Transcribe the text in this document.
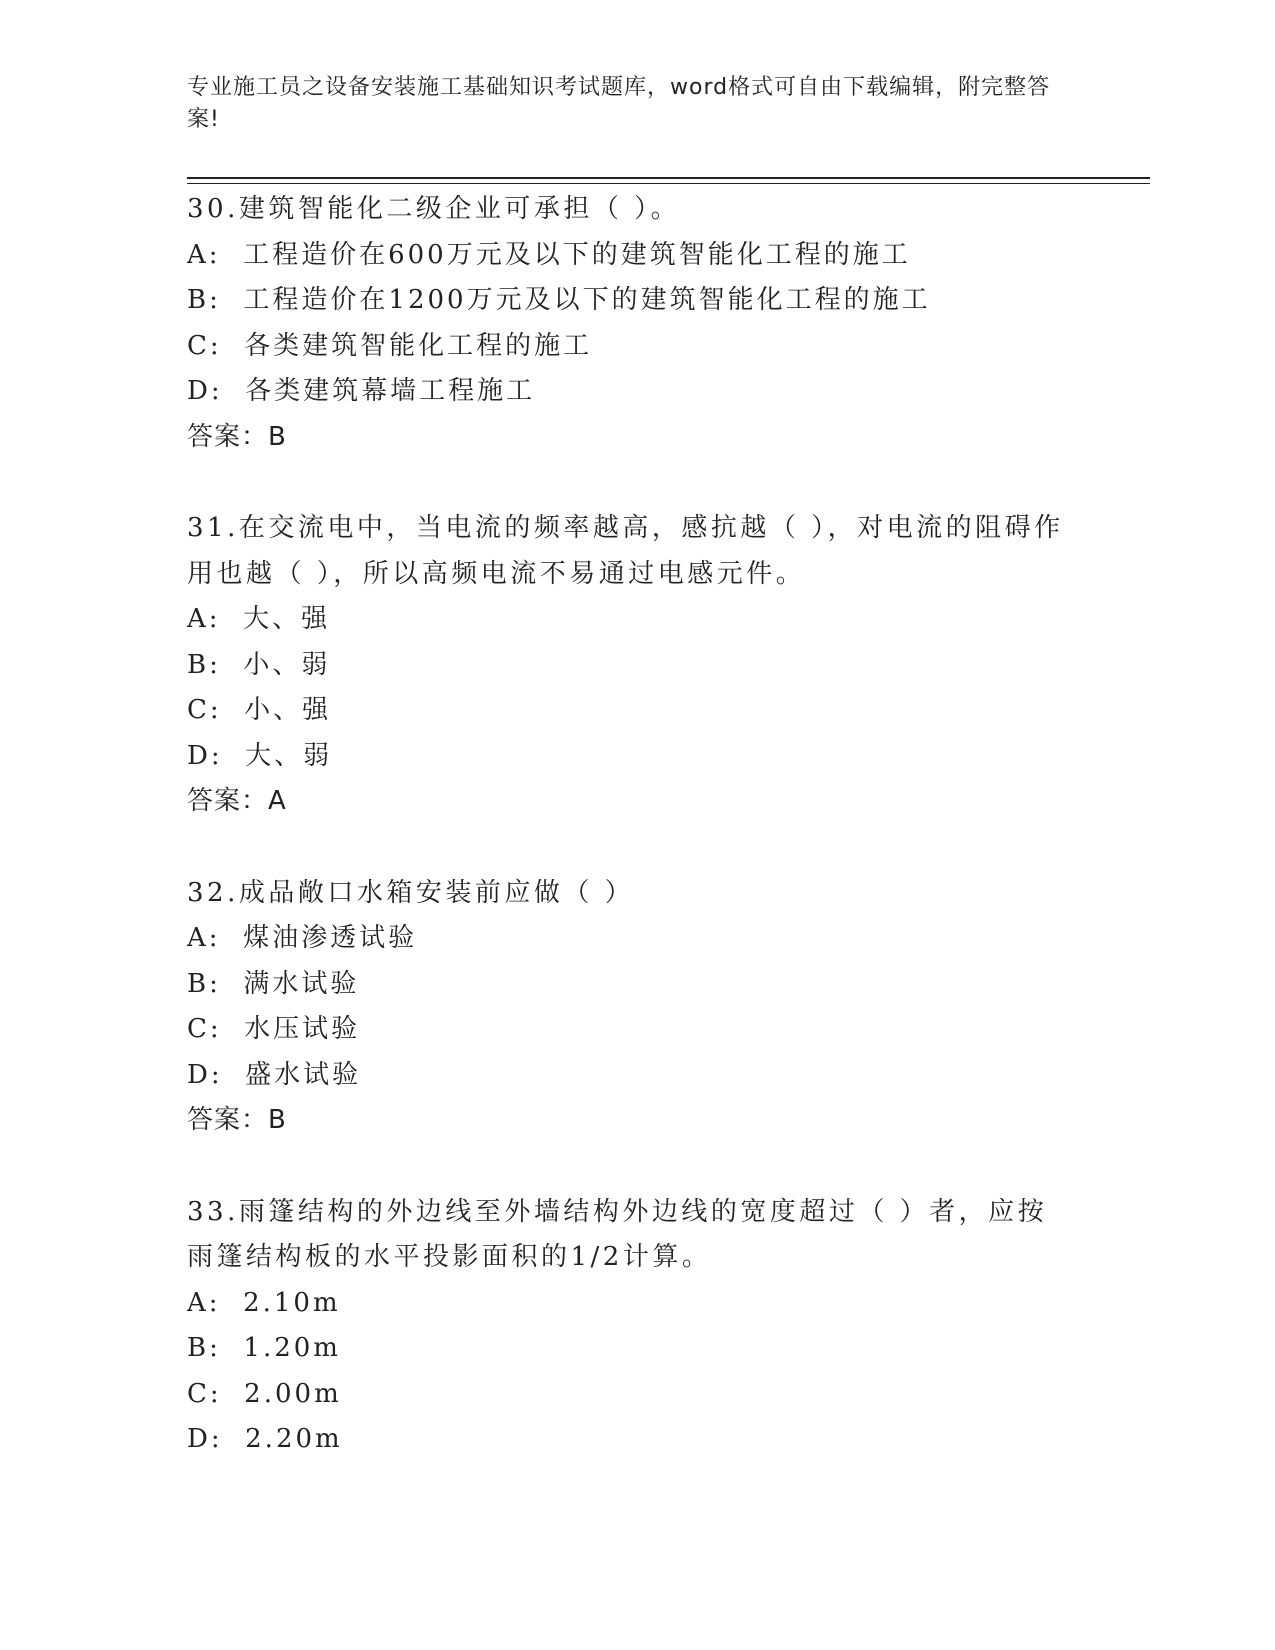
专业施工员之设备安装施工基础知识考试题库，word格式可自由下载编辑，附完整答案!
30.建筑智能化二级企业可承担（ ）。
A:  工程造价在600万元及以下的建筑智能化工程的施工
B:  工程造价在1200万元及以下的建筑智能化工程的施工
C:  各类建筑智能化工程的施工
D:  各类建筑幕墙工程施工
答案：B
31.在交流电中，当电流的频率越高，感抗越（ ），对电流的阻碍作用也越（ ），所以高频电流不易通过电感元件。
A:  大、强
B:  小、弱
C:  小、强
D:  大、弱
答案：A
32.成品敞口水箱安装前应做（ ）
A:  煤油渗透试验
B:  满水试验
C:  水压试验
D:  盛水试验
答案：B
33.雨篷结构的外边线至外墙结构外边线的宽度超过（ ）者，应按雨篷结构板的水平投影面积的1/2计算。
A:  2.10m
B:  1.20m
C:  2.00m
D:  2.20m
